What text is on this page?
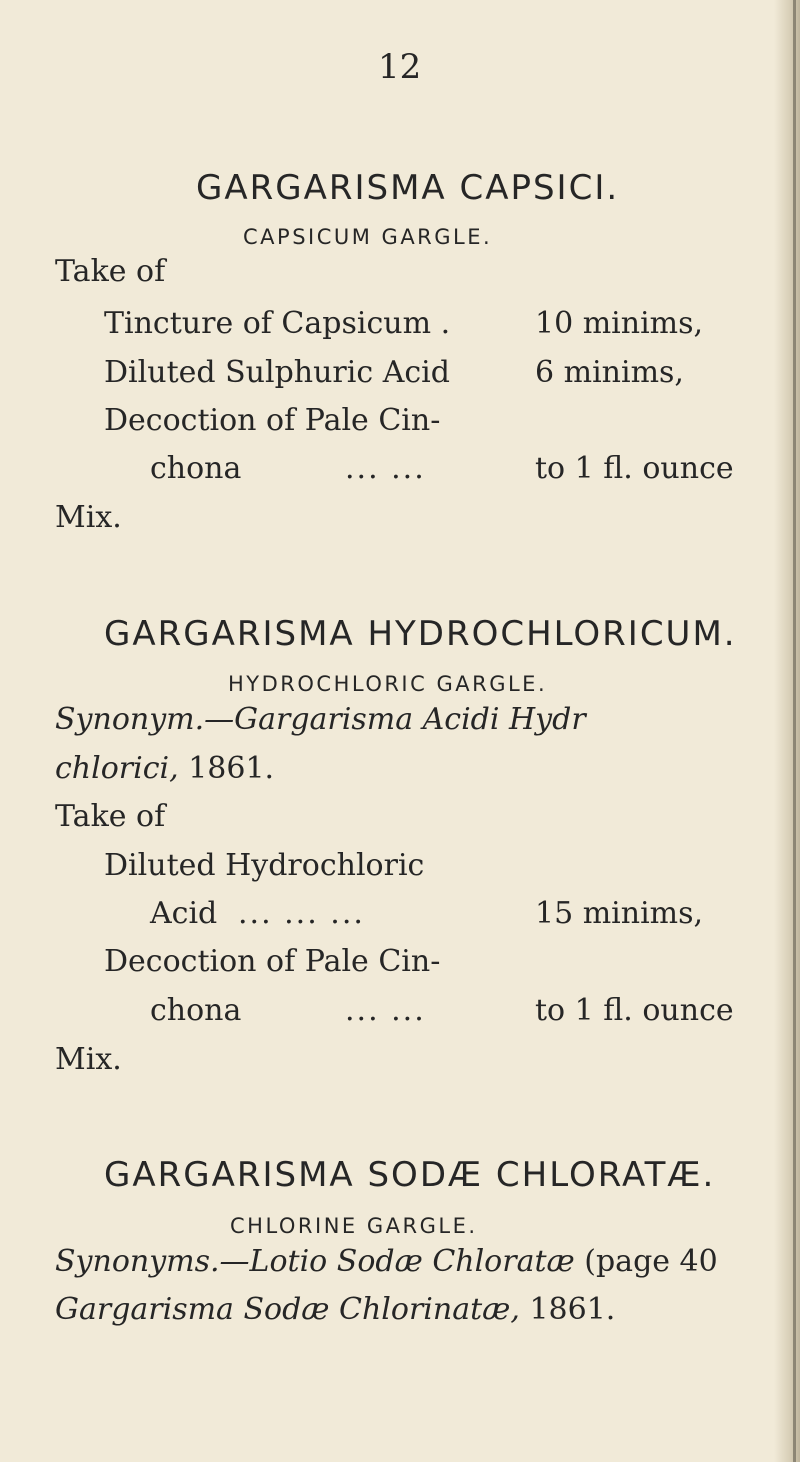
12
GARGARISMA CAPSICI.
CAPSICUM GARGLE.
Take of
Tincture of Capsicum .	10 minims,
Diluted Sulphuric Acid	6 minims,
Decoction of Pale Cin-
chona	... ...	to 1 fl. ounce
Mix.
GARGARISMA HYDROCHLORICUM.
HYDROCHLORIC GARGLE.
Synonym.—Gargarisma Acidi Hydr
chlorici, 1861.
Take of
Diluted Hydrochloric
Acid ... ... ...	15 minims,
Decoction of Pale Cin-
chona	... ...	to 1 fl. ounce
Mix.
GARGARISMA SODÆ CHLORATÆ.
CHLORINE GARGLE.
Synonyms.—Lotio Sodæ Chloratæ (page 40
Gargarisma Sodæ Chlorinatæ, 1861.
